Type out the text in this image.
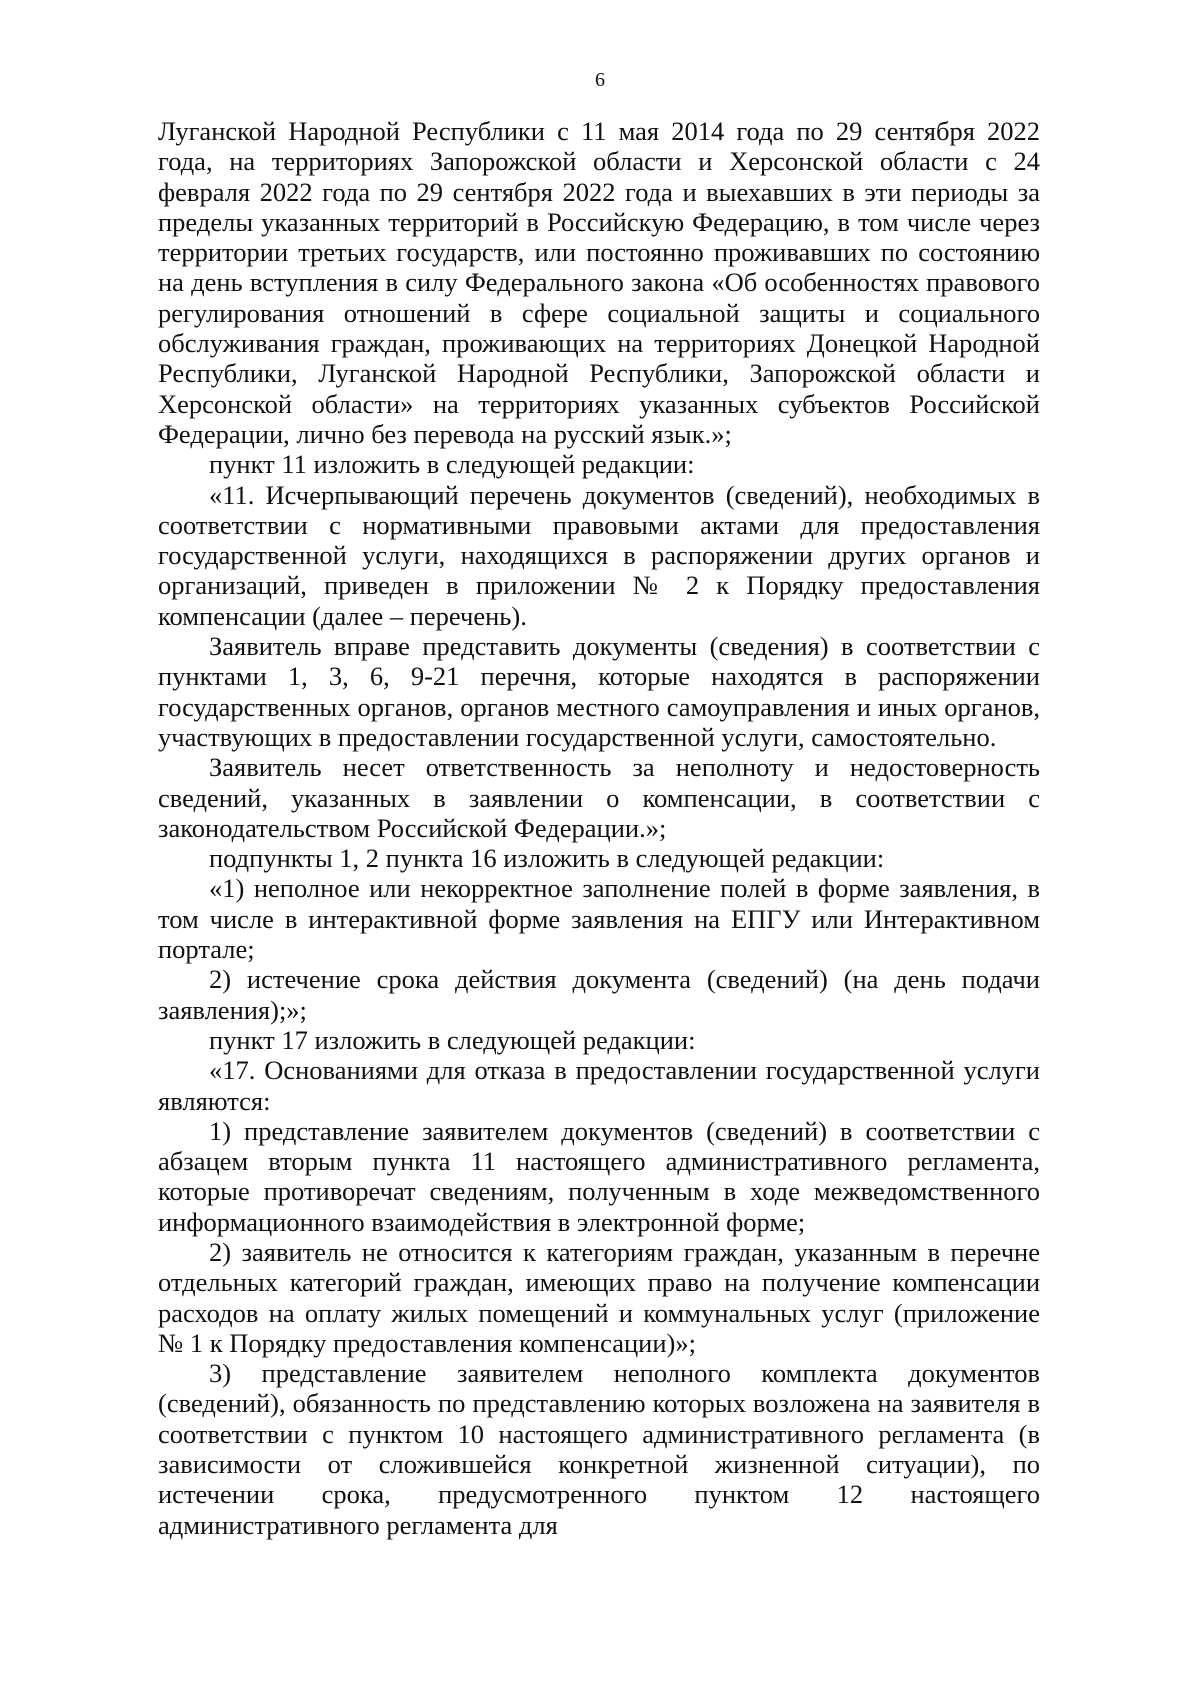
6

Луганской Народной Республики с 11 мая 2014 года по 29 сентября 2022 года, на территориях Запорожской области и Херсонской области с 24 февраля 2022 года по 29 сентября 2022 года и выехавших в эти периоды за пределы указанных территорий в Российскую Федерацию, в том числе через территории третьих государств, или постоянно проживавших по состоянию на день вступления в силу Федерального закона «Об особенностях правового регулирования отношений в сфере социальной защиты и социального обслуживания граждан, проживающих на территориях Донецкой Народной Республики, Луганской Народной Республики, Запорожской области и Херсонской области» на территориях указанных субъектов Российской Федерации, лично без перевода на русский язык.»;

пункт 11 изложить в следующей редакции:

«11. Исчерпывающий перечень документов (сведений), необходимых в соответствии с нормативными правовыми актами для предоставления государственной услуги, находящихся в распоряжении других органов и организаций, приведен в приложении № 2 к Порядку предоставления компенсации (далее – перечень).

Заявитель вправе представить документы (сведения) в соответствии с пунктами 1, 3, 6, 9-21 перечня, которые находятся в распоряжении государственных органов, органов местного самоуправления и иных органов, участвующих в предоставлении государственной услуги, самостоятельно.

Заявитель несет ответственность за неполноту и недостоверность сведений, указанных в заявлении о компенсации, в соответствии с законодательством Российской Федерации.»;

подпункты 1, 2 пункта 16 изложить в следующей редакции:

«1) неполное или некорректное заполнение полей в форме заявления, в том числе в интерактивной форме заявления на ЕПГУ или Интерактивном портале;

2) истечение срока действия документа (сведений) (на день подачи заявления);»;

пункт 17 изложить в следующей редакции:

«17. Основаниями для отказа в предоставлении государственной услуги являются:

1) представление заявителем документов (сведений) в соответствии с абзацем вторым пункта 11 настоящего административного регламента, которые противоречат сведениям, полученным в ходе межведомственного информационного взаимодействия в электронной форме;

2) заявитель не относится к категориям граждан, указанным в перечне отдельных категорий граждан, имеющих право на получение компенсации расходов на оплату жилых помещений и коммунальных услуг (приложение № 1 к Порядку предоставления компенсации)»;

3) представление заявителем неполного комплекта документов (сведений), обязанность по представлению которых возложена на заявителя в соответствии с пунктом 10 настоящего административного регламента (в зависимости от сложившейся конкретной жизненной ситуации), по истечении срока, предусмотренного пунктом 12 настоящего административного регламента для
